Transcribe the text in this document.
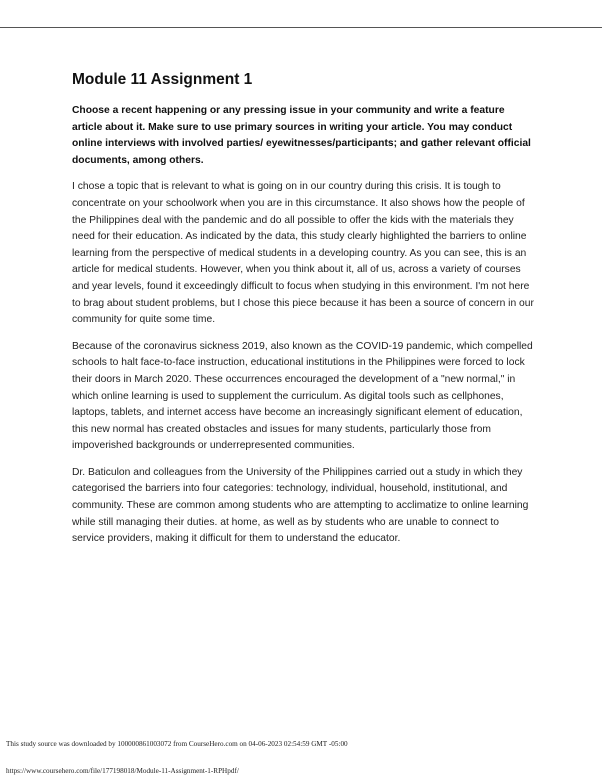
Module 11 Assignment 1

Choose a recent happening or any pressing issue in your community and write a feature article about it. Make sure to use primary sources in writing your article. You may conduct online interviews with involved parties/ eyewitnesses/participants; and gather relevant official documents, among others.

I chose a topic that is relevant to what is going on in our country during this crisis. It is tough to concentrate on your schoolwork when you are in this circumstance. It also shows how the people of the Philippines deal with the pandemic and do all possible to offer the kids with the materials they need for their education. As indicated by the data, this study clearly highlighted the barriers to online learning from the perspective of medical students in a developing country. As you can see, this is an article for medical students. However, when you think about it, all of us, across a variety of courses and year levels, found it exceedingly difficult to focus when studying in this environment. I'm not here to brag about student problems, but I chose this piece because it has been a source of concern in our community for quite some time.

Because of the coronavirus sickness 2019, also known as the COVID-19 pandemic, which compelled schools to halt face-to-face instruction, educational institutions in the Philippines were forced to lock their doors in March 2020. These occurrences encouraged the development of a "new normal," in which online learning is used to supplement the curriculum. As digital tools such as cellphones, laptops, tablets, and internet access have become an increasingly significant element of education, this new normal has created obstacles and issues for many students, particularly those from impoverished backgrounds or underrepresented communities.

Dr. Baticulon and colleagues from the University of the Philippines carried out a study in which they categorised the barriers into four categories: technology, individual, household, institutional, and community. These are common among students who are attempting to acclimatize to online learning while still managing their duties. at home, as well as by students who are unable to connect to service providers, making it difficult for them to understand the educator.

This study source was downloaded by 100000861003072 from CourseHero.com on 04-06-2023 02:54:59 GMT -05:00
https://www.coursehero.com/file/177198018/Module-11-Assignment-1-RPHpdf/
